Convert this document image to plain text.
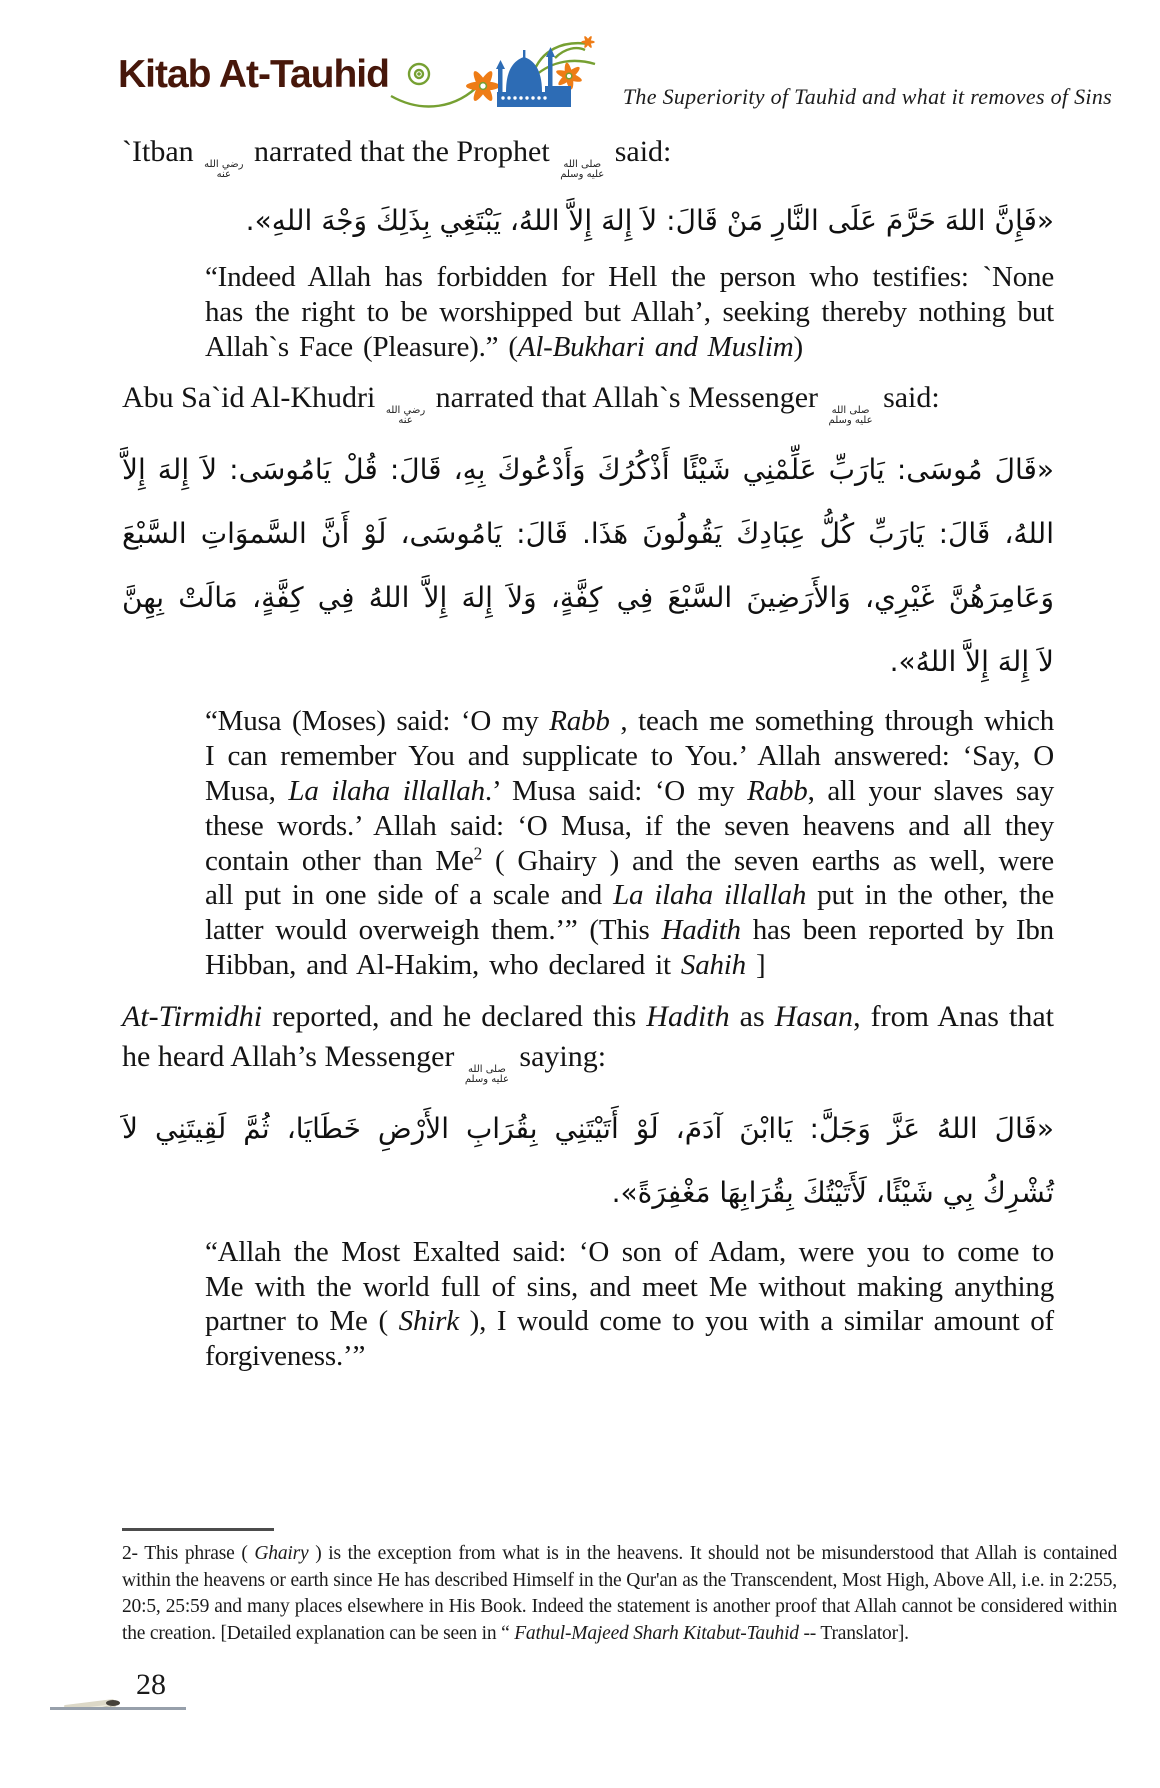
Kitab At-Tauhid
The Superiority of Tauhid and what it removes of Sins

`Itban رضي الله
عنه
narrated that the Prophet صلى الله
عليه وسلم
said:

«فَإِنَّ اللهَ حَرَّمَ عَلَى النَّارِ مَنْ قَالَ: لاَ إِلهَ إِلاَّ اللهُ، يَبْتَغِي بِذَلِكَ وَجْهَ اللهِ».

“Indeed Allah has forbidden for Hell the person who testifies: `None has the right to be worshipped but Allah’, seeking thereby nothing but Allah`s Face (Pleasure).” (Al-Bukhari and Muslim)

Abu Sa`id Al-Khudri رضي الله
عنه
narrated that Allah`s Messenger صلى الله
عليه وسلم
said:

«قَالَ مُوسَى: يَارَبِّ عَلِّمْنِي شَيْئًا أَذْكُرُكَ وَأَدْعُوكَ بِهِ، قَالَ: قُلْ يَامُوسَى: لاَ إِلهَ إِلاَّ
اللهُ، قَالَ: يَارَبِّ كُلُّ عِبَادِكَ يَقُولُونَ هَذَا. قَالَ: يَامُوسَى، لَوْ أَنَّ السَّموَاتِ السَّبْعَ
وَعَامِرَهُنَّ غَيْرِي، وَالأَرَضِينَ السَّبْعَ فِي كِفَّةٍ، وَلاَ إِلهَ إِلاَّ اللهُ فِي كِفَّةٍ، مَالَتْ بِهِنَّ
لاَ إِلهَ إِلاَّ اللهُ».

“Musa (Moses) said: ‘O my Rabb , teach me something through which I can remember You and supplicate to You.’ Allah answered: ‘Say, O Musa, La ilaha illallah.’ Musa said: ‘O my Rabb, all your slaves say these words.’ Allah said: ‘O Musa, if the seven heavens and all they contain other than Me$^2$ ( Ghairy ) and the seven earths as well, were all put in one side of a scale and La ilaha illallah put in the other, the latter would overweigh them.’” (This Hadith has been reported by Ibn Hibban, and Al-Hakim, who declared it Sahih ]

At-Tirmidhi reported, and he declared this Hadith as Hasan, from Anas that he heard Allah’s Messenger صلى الله
عليه وسلم
saying:

«قَالَ اللهُ عَزَّ وَجَلَّ: يَاابْنَ آدَمَ، لَوْ أَتَيْتَنِي بِقُرَابِ الأَرْضِ خَطَايَا، ثُمَّ لَقِيتَنِي لاَ
تُشْرِكُ بِي شَيْئًا، لَأَتَيْتُكَ بِقُرَابِهَا مَغْفِرَةً».

“Allah the Most Exalted said: ‘O son of Adam, were you to come to Me with the world full of sins, and meet Me without making anything partner to Me ( Shirk ), I would come to you with a similar amount of forgiveness.’”

2- This phrase ( Ghairy ) is the exception from what is in the heavens. It should not be misunderstood that Allah is contained within the heavens or earth since He has described Himself in the Qur'an as the Transcendent, Most High, Above All, i.e. in 2:255, 20:5, 25:59 and many places elsewhere in His Book. Indeed the statement is another proof that Allah cannot be considered within the creation. [Detailed explanation can be seen in “ Fathul-Majeed Sharh Kitabut-Tauhid -- Translator].
28
